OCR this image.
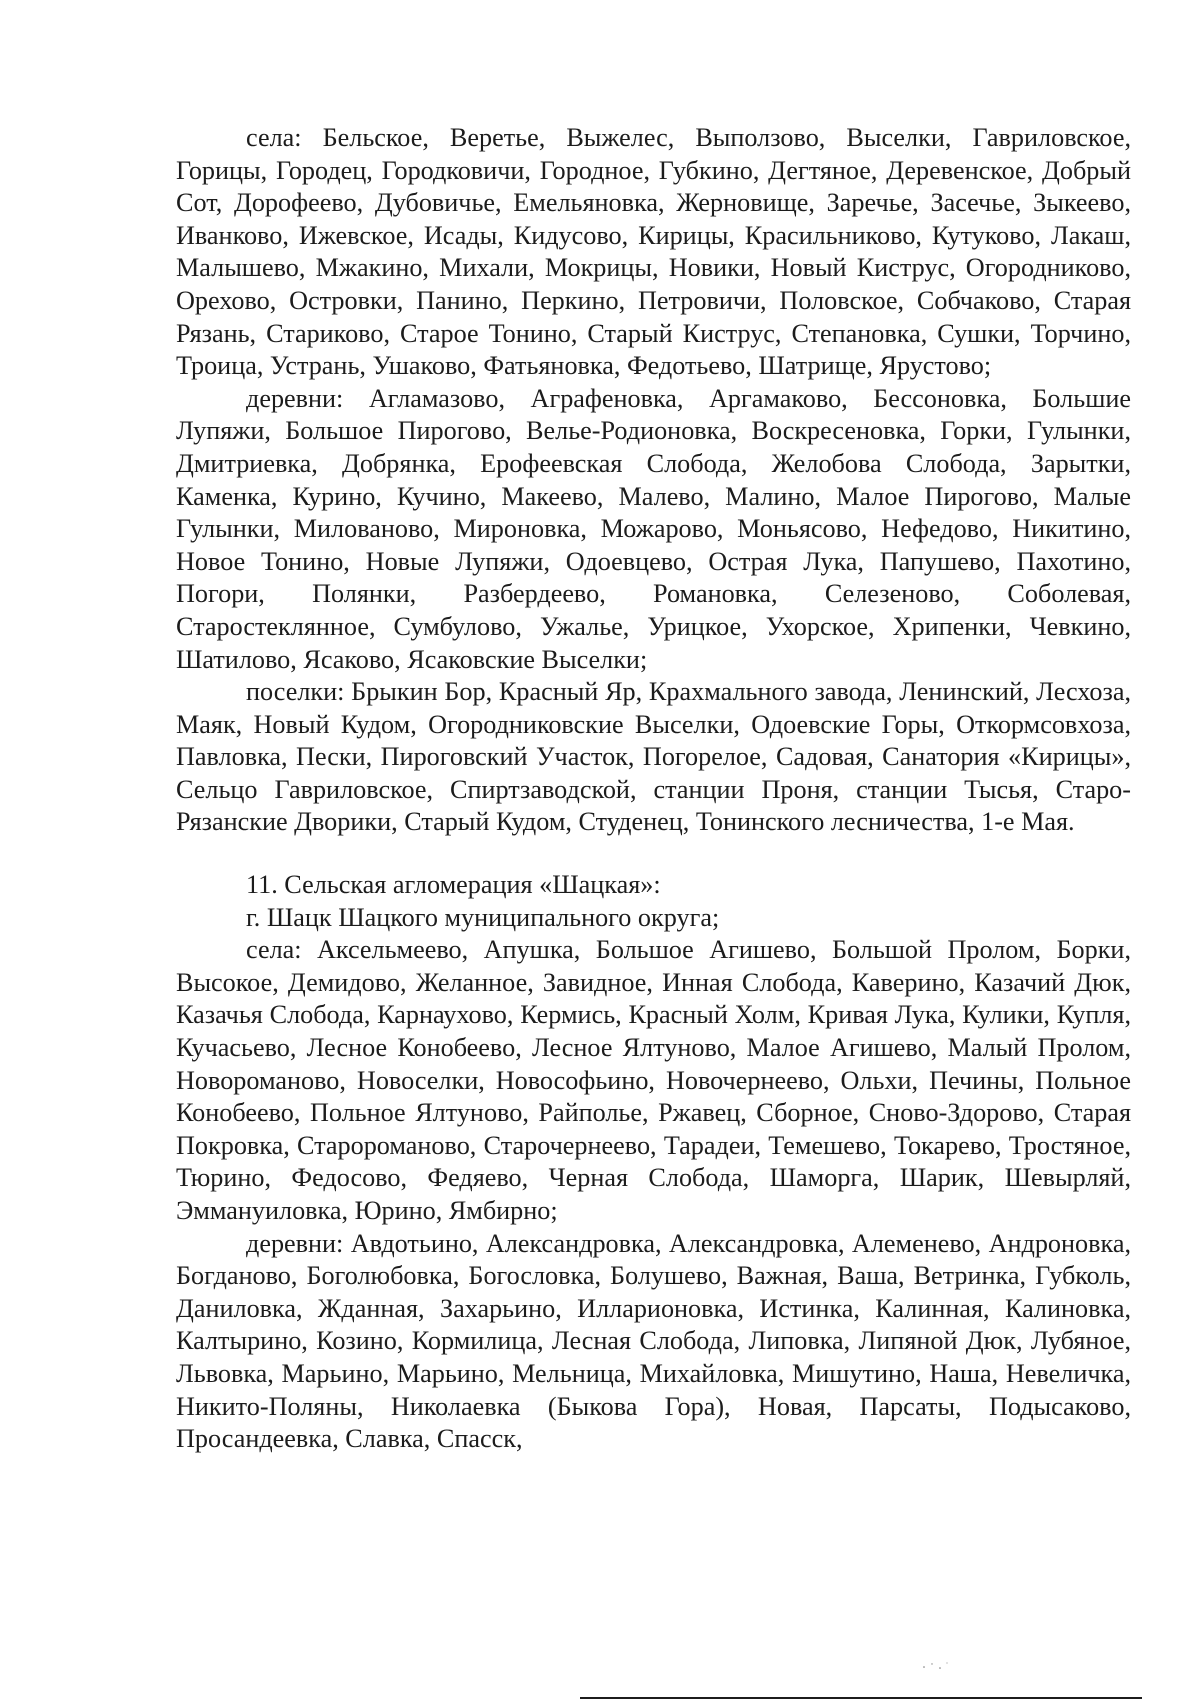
села: Бельское, Веретье, Выжелес, Выползово, Выселки, Гавриловское, Горицы, Городец, Городковичи, Городное, Губкино, Дегтяное, Деревенское, Добрый Сот, Дорофеево, Дубовичье, Емельяновка, Жерновище, Заречье, Засечье, Зыкеево, Иванково, Ижевское, Исады, Кидусово, Кирицы, Красильниково, Кутуково, Лакаш, Малышево, Мжакино, Михали, Мокрицы, Новики, Новый Киструс, Огородниково, Орехово, Островки, Панино, Перкино, Петровичи, Половское, Собчаково, Старая Рязань, Стариково, Старое Тонино, Старый Киструс, Степановка, Сушки, Торчино, Троица, Устрань, Ушаково, Фатьяновка, Федотьево, Шатрище, Ярустово;

деревни: Агламазово, Аграфеновка, Аргамаково, Бессоновка, Большие Лупяжи, Большое Пирогово, Велье-Родионовка, Воскресеновка, Горки, Гулынки, Дмитриевка, Добрянка, Ерофеевская Слобода, Желобова Слобода, Зарытки, Каменка, Курино, Кучино, Макеево, Малево, Малино, Малое Пирогово, Малые Гулынки, Милованово, Мироновка, Можарово, Моньясово, Нефедово, Никитино, Новое Тонино, Новые Лупяжи, Одоевцево, Острая Лука, Папушево, Пахотино, Погори, Полянки, Разбердеево, Романовка, Селезеново, Соболевая, Старостеклянное, Сумбулово, Ужалье, Урицкое, Ухорское, Хрипенки, Чевкино, Шатилово, Ясаково, Ясаковские Выселки;

поселки: Брыкин Бор, Красный Яр, Крахмального завода, Ленинский, Лесхоза, Маяк, Новый Кудом, Огородниковские Выселки, Одоевские Горы, Откормсовхоза, Павловка, Пески, Пироговский Участок, Погорелое, Садовая, Санатория «Кирицы», Сельцо Гавриловское, Спиртзаводской, станции Проня, станции Тысья, Старо-Рязанские Дворики, Старый Кудом, Студенец, Тонинского лесничества, 1-е Мая.

11. Сельская агломерация «Шацкая»:

г. Шацк Шацкого муниципального округа;

села: Аксельмеево, Апушка, Большое Агишево, Большой Пролом, Борки, Высокое, Демидово, Желанное, Завидное, Инная Слобода, Каверино, Казачий Дюк, Казачья Слобода, Карнаухово, Кермись, Красный Холм, Кривая Лука, Кулики, Купля, Кучасьево, Лесное Конобеево, Лесное Ялтуново, Малое Агишево, Малый Пролом, Новороманово, Новоселки, Новософьино, Новочернеево, Ольхи, Печины, Польное Конобеево, Польное Ялтуново, Райполье, Ржавец, Сборное, Сново-Здорово, Старая Покровка, Старороманово, Старочернеево, Тарадеи, Темешево, Токарево, Тростяное, Тюрино, Федосово, Федяево, Черная Слобода, Шаморга, Шарик, Шевырляй, Эммануиловка, Юрино, Ямбирно;

деревни: Авдотьино, Александровка, Александровка, Алеменево, Андроновка, Богданово, Боголюбовка, Богословка, Болушево, Важная, Ваша, Ветринка, Губколь, Даниловка, Жданная, Захарьино, Илларионовка, Истинка, Калинная, Калиновка, Калтырино, Козино, Кормилица, Лесная Слобода, Липовка, Липяной Дюк, Лубяное, Львовка, Марьино, Марьино, Мельница, Михайловка, Мишутино, Наша, Невеличка, Никито-Поляны, Николаевка (Быкова Гора), Новая, Парсаты, Подысаково, Просандеевка, Славка, Спасск,
